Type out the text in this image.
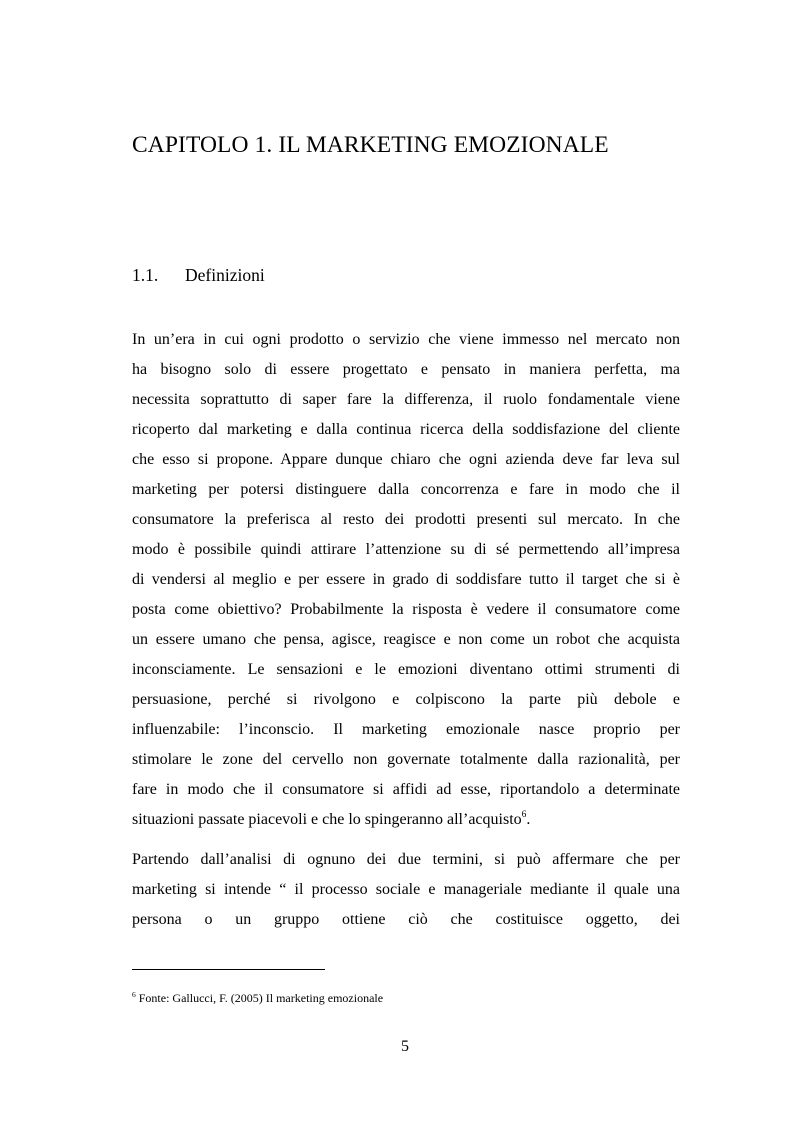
CAPITOLO 1. IL MARKETING EMOZIONALE
1.1. Definizioni
In un’era in cui ogni prodotto o servizio che viene immesso nel mercato non
ha bisogno solo di essere progettato e pensato in maniera perfetta, ma
necessita soprattutto di saper fare la differenza, il ruolo fondamentale viene
ricoperto dal marketing e dalla continua ricerca della soddisfazione del cliente
che esso si propone. Appare dunque chiaro che ogni azienda deve far leva sul
marketing per potersi distinguere dalla concorrenza e fare in modo che il
consumatore la preferisca al resto dei prodotti presenti sul mercato. In che
modo è possibile quindi attirare l’attenzione su di sé permettendo all’impresa
di vendersi al meglio e per essere in grado di soddisfare tutto il target che si è
posta come obiettivo? Probabilmente la risposta è vedere il consumatore come
un essere umano che pensa, agisce, reagisce e non come un robot che acquista
inconsciamente. Le sensazioni e le emozioni diventano ottimi strumenti di
persuasione, perché si rivolgono e colpiscono la parte più debole e
influenzabile: l’inconscio. Il marketing emozionale nasce proprio per
stimolare le zone del cervello non governate totalmente dalla razionalità, per
fare in modo che il consumatore si affidi ad esse, riportandolo a determinate
situazioni passate piacevoli e che lo spingeranno all’acquisto$^6$.
Partendo dall’analisi di ognuno dei due termini, si può affermare che per
marketing si intende “ il processo sociale e manageriale mediante il quale una
persona o un gruppo ottiene ciò che costituisce oggetto, dei

$^6$ Fonte: Gallucci, F. (2005) Il marketing emozionale

5
